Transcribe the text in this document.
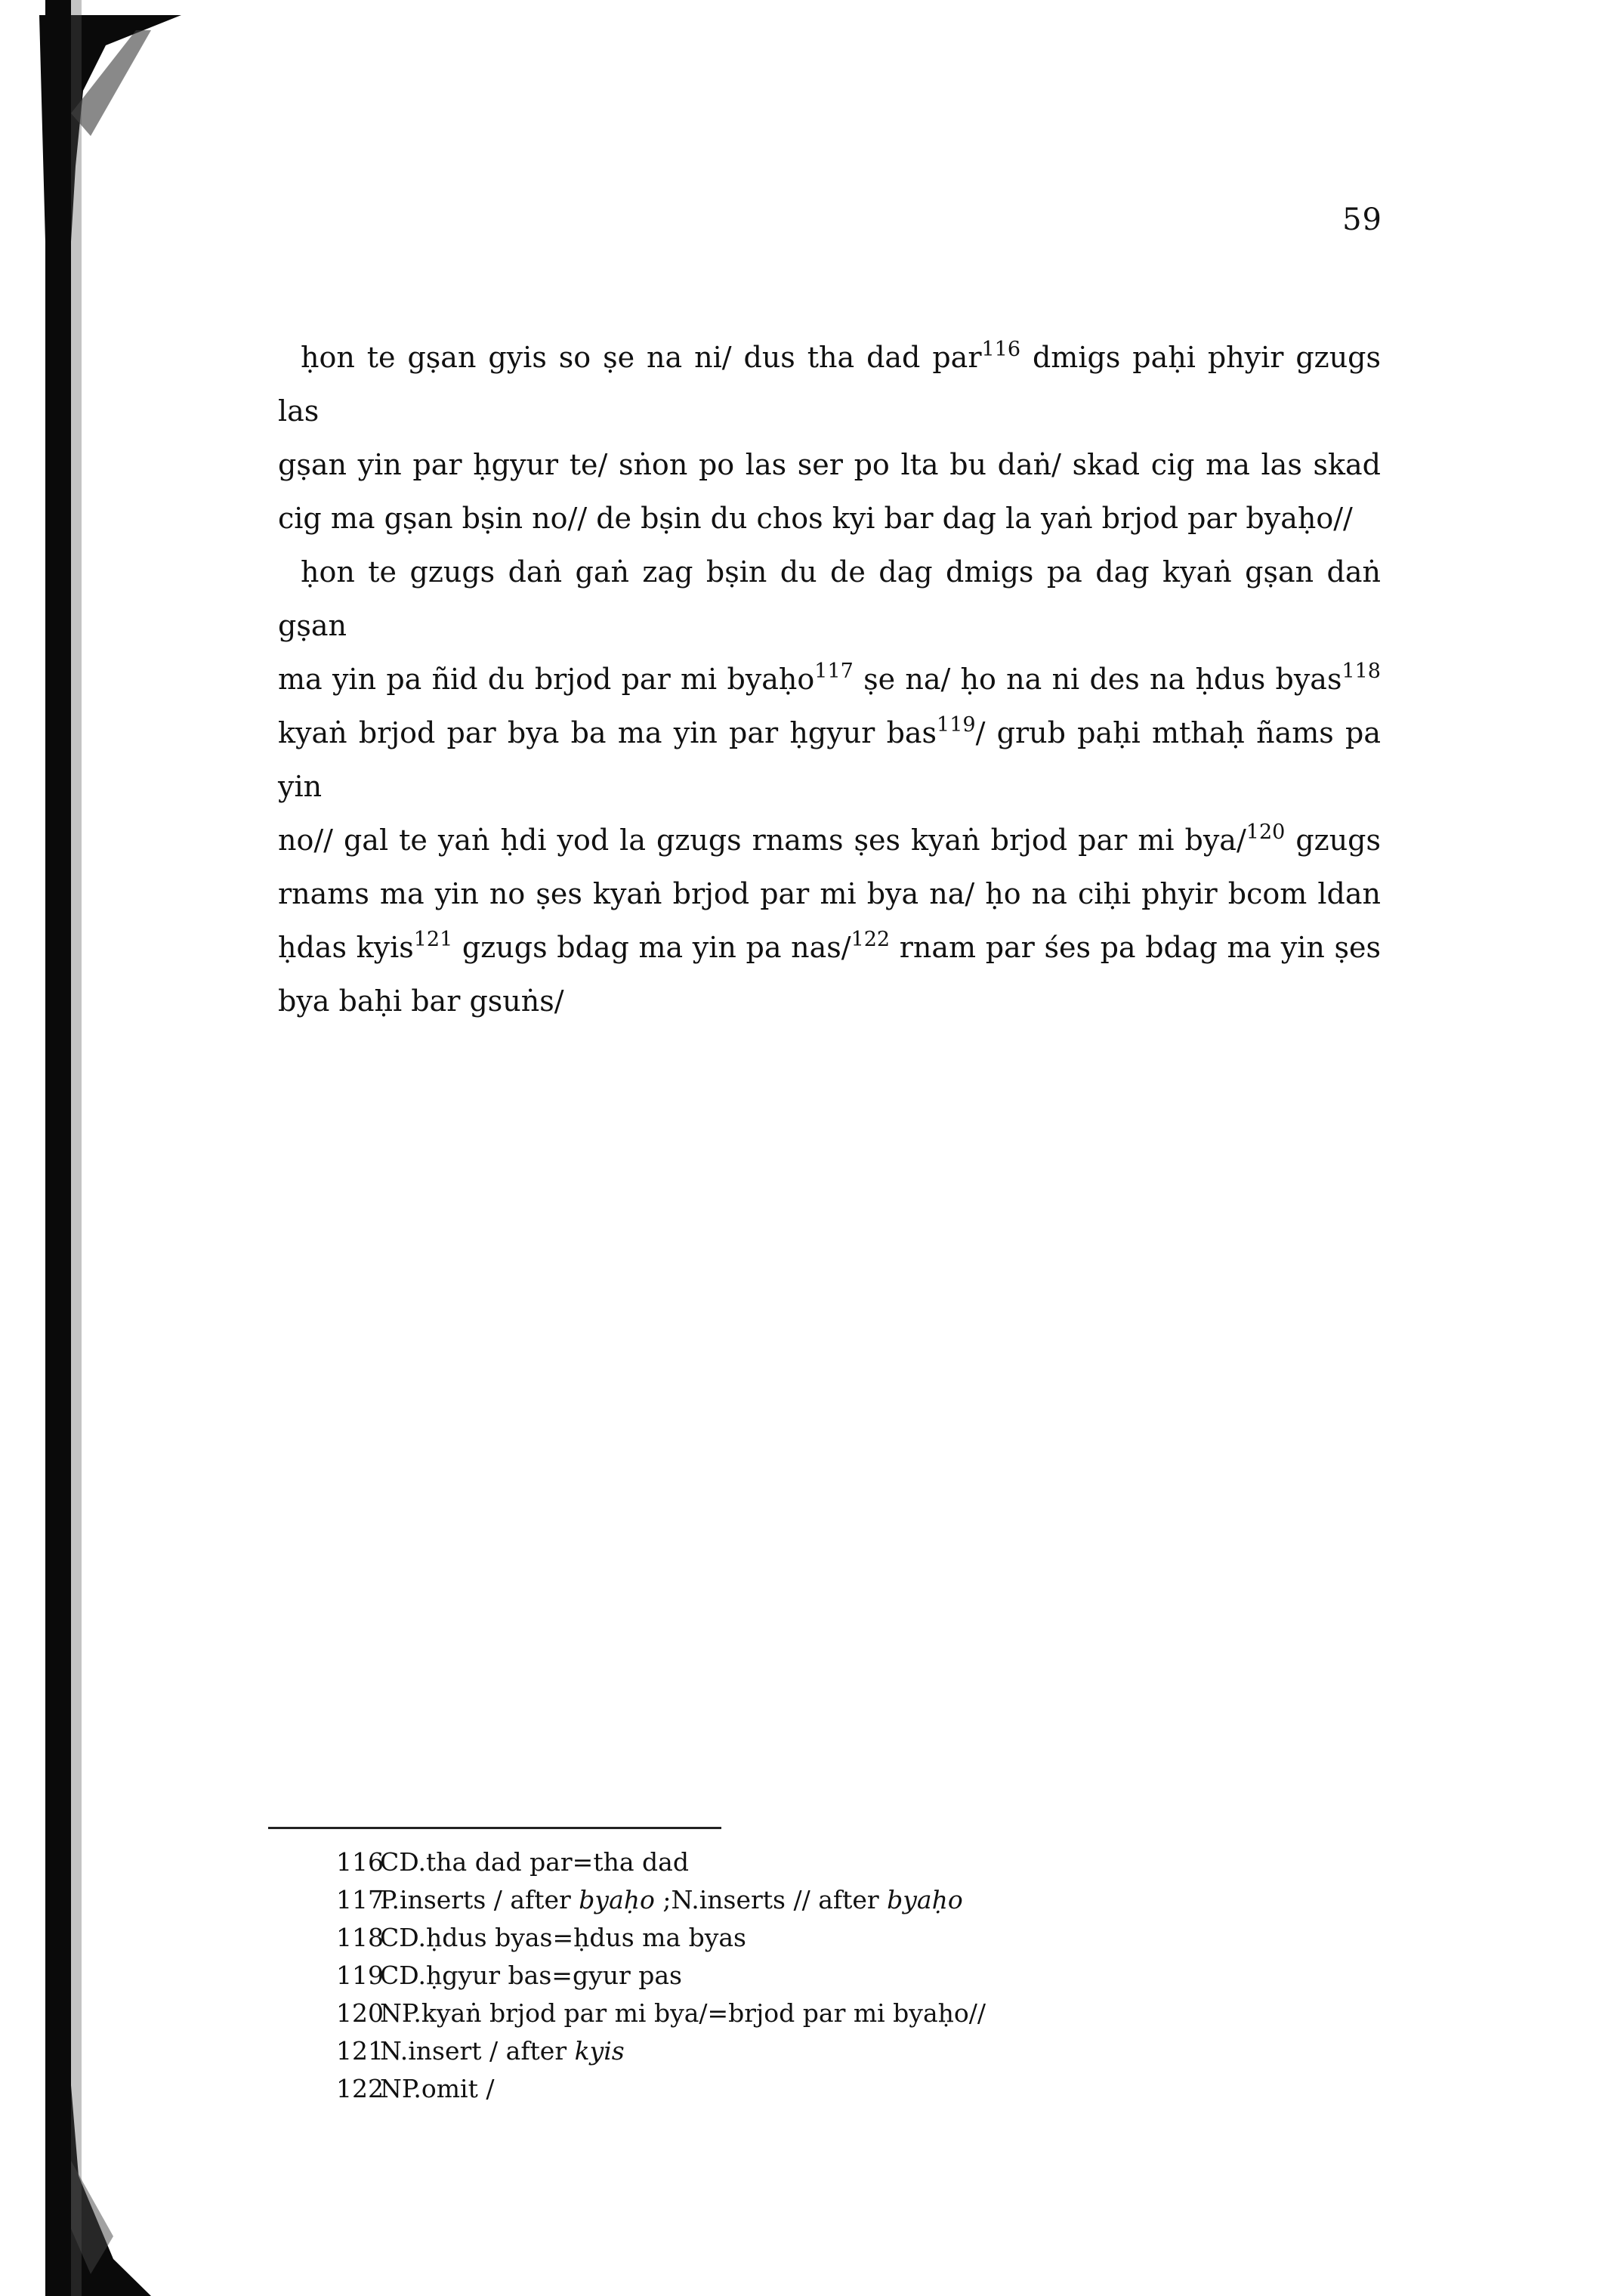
59

ḥon te gṣan gyis so ṣe na ni/ dus tha dad par$^{116}$ dmigs paḥi phyir gzugs las
gṣan yin par ḥgyur te/ sṅon po las ser po lta bu daṅ/ skad cig ma las skad
cig ma gṣan bṣin no// de bṣin du chos kyi bar dag la yaṅ brjod par byaḥo//

ḥon te gzugs daṅ gaṅ zag bṣin du de dag dmigs pa dag kyaṅ gṣan daṅ gṣan
ma yin pa ñid du brjod par mi byaḥo$^{117}$ ṣe na/ ḥo na ni des na ḥdus byas$^{118}$
kyaṅ brjod par bya ba ma yin par ḥgyur bas$^{119}$/ grub paḥi mthaḥ ñams pa yin
no// gal te yaṅ ḥdi yod la gzugs rnams ṣes kyaṅ brjod par mi bya/$^{120}$ gzugs
rnams ma yin no ṣes kyaṅ brjod par mi bya na/ ḥo na ciḥi phyir bcom ldan
ḥdas kyis$^{121}$ gzugs bdag ma yin pa nas/$^{122}$ rnam par śes pa bdag ma yin ṣes
bya baḥi bar gsuṅs/

116CD.tha dad par=tha dad
117P.inserts / after byaḥo ;N.inserts // after byaḥo
118CD.ḥdus byas=ḥdus ma byas
119CD.ḥgyur bas=gyur pas
120NP.kyaṅ brjod par mi bya/=brjod par mi byaḥo//
121N.insert / after kyis
122NP.omit /
